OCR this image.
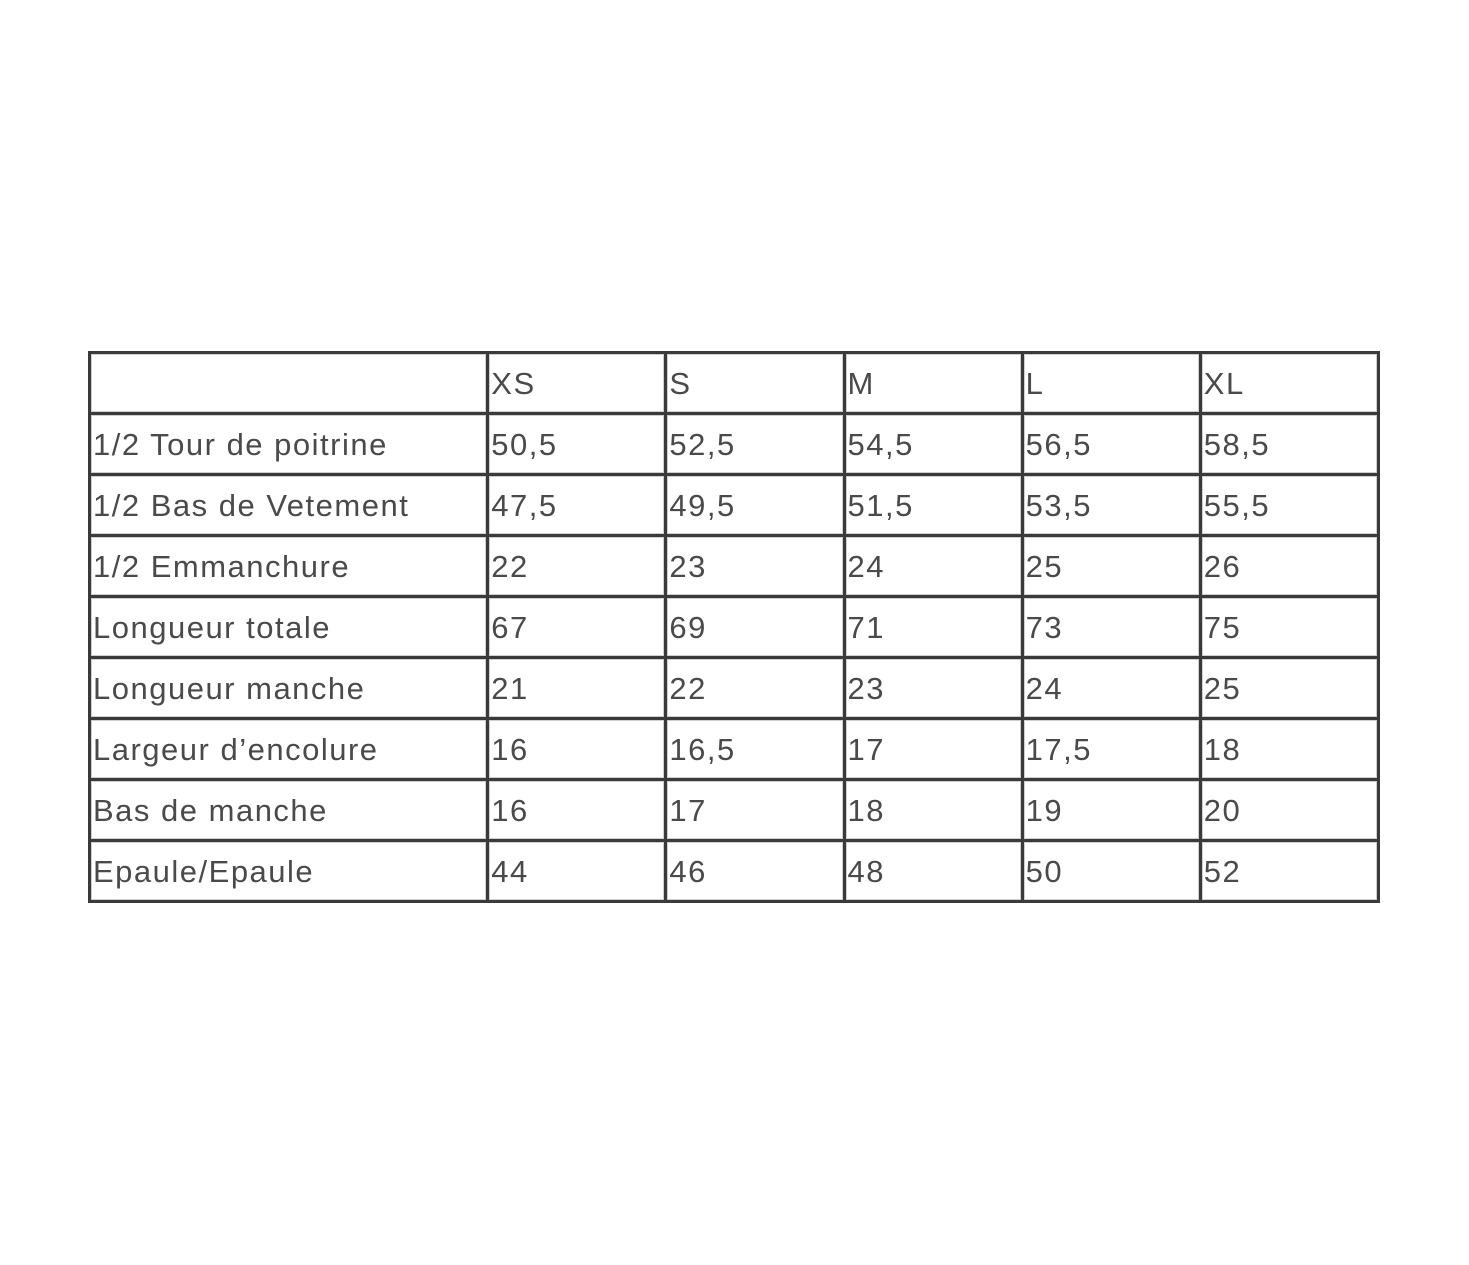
	XS	S	M	L	XL
1/2 Tour de poitrine	50,5	52,5	54,5	56,5	58,5
1/2 Bas de Vetement	47,5	49,5	51,5	53,5	55,5
1/2 Emmanchure	22	23	24	25	26
Longueur totale	67	69	71	73	75
Longueur manche	21	22	23	24	25
Largeur d’encolure	16	16,5	17	17,5	18
Bas de manche	16	17	18	19	20
Epaule/Epaule	44	46	48	50	52
